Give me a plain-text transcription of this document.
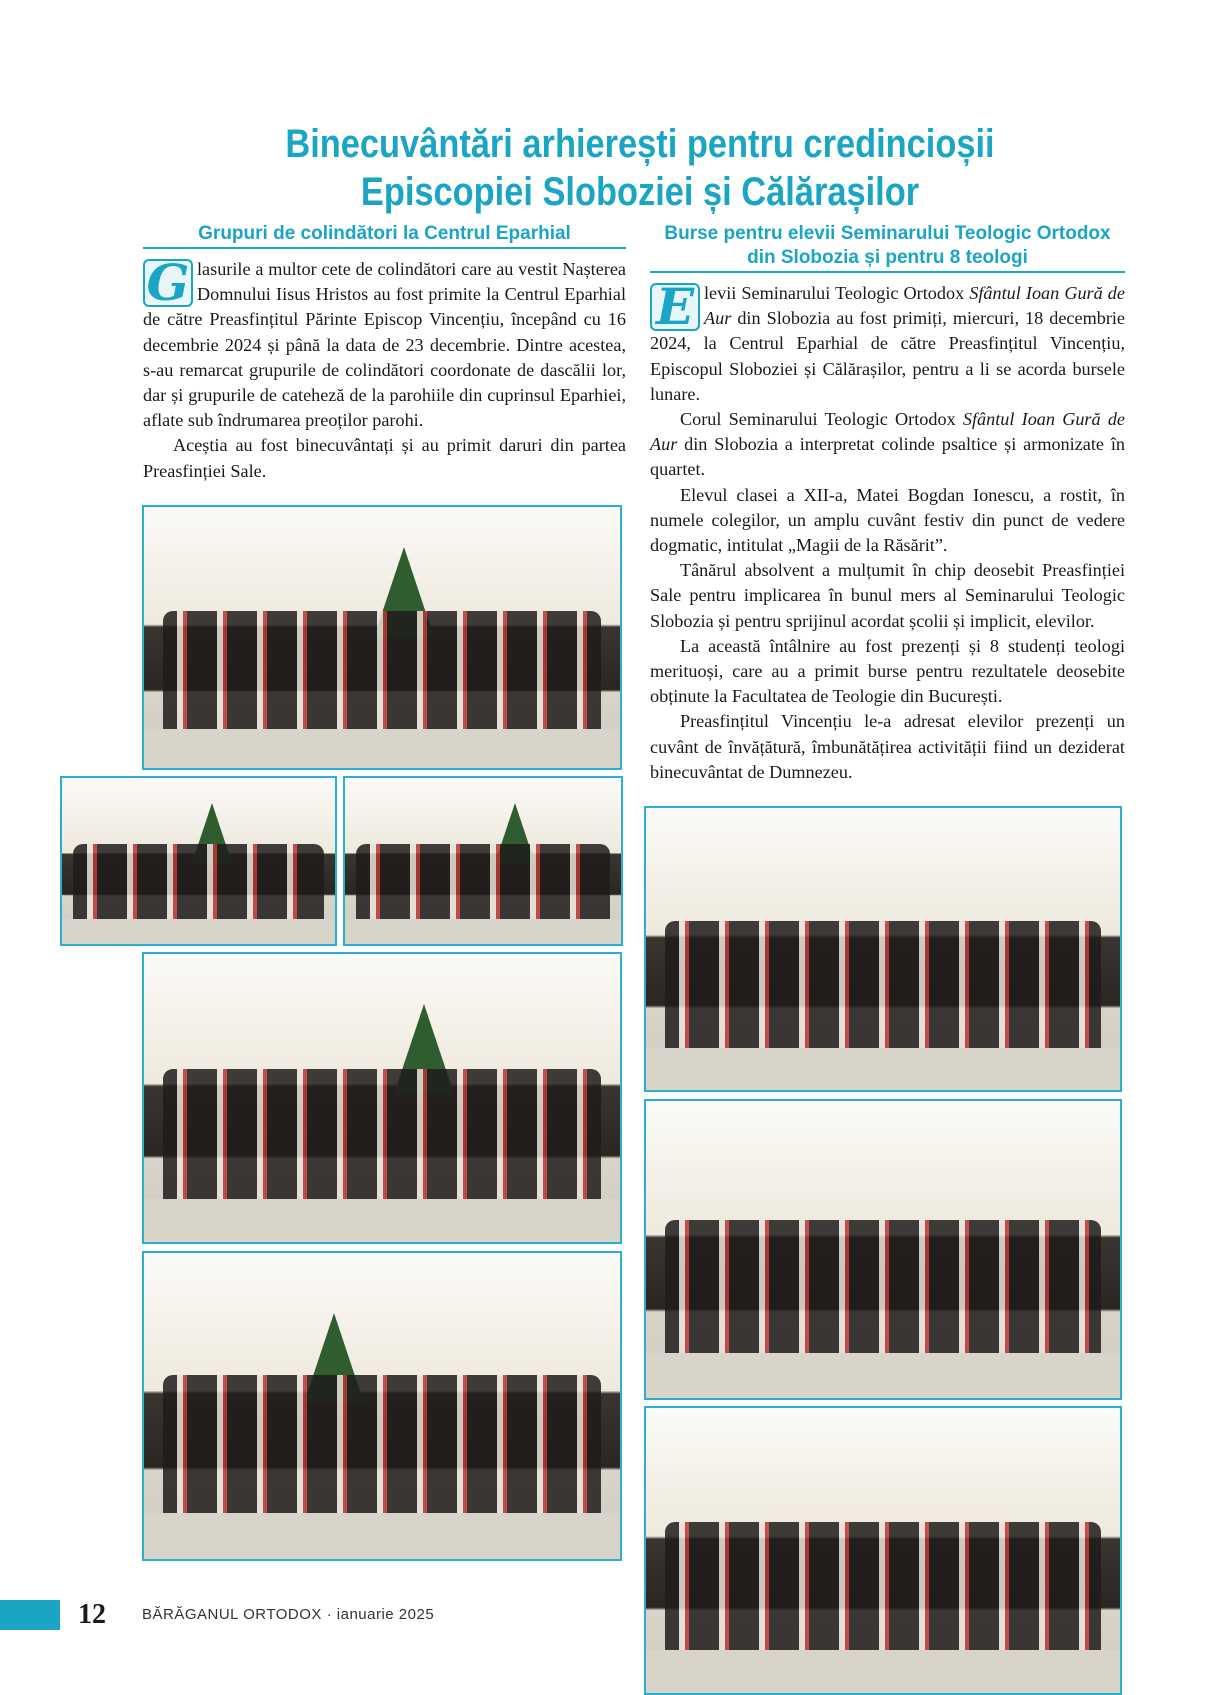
Binecuvântări arhierești pentru credincioșii
Episcopiei Sloboziei și Călărașilor
Grupuri de colindători la Centrul Eparhial

G lasurile a multor cete de colindători care au vestit Nașterea Domnului Iisus Hristos au fost primite la Centrul Eparhial de către Preasfințitul Părinte Episcop Vincențiu, începând cu 16 decembrie 2024 și până la data de 23 decembrie. Dintre acestea, s-au remarcat grupurile de colindători coordonate de dascălii lor, dar și grupurile de cateheză de la parohiile din cuprinsul Eparhiei, aflate sub îndrumarea preoților parohi.

Aceștia au fost binecuvântați și au primit daruri din partea Preasfinției Sale.

Burse pentru elevii Seminarului Teologic Ortodox
din Slobozia și pentru 8 teologi

E levii Seminarului Teologic Ortodox Sfântul Ioan Gură de Aur din Slobozia au fost primiți, miercuri, 18 decembrie 2024, la Centrul Eparhial de către Preasfințitul Vincențiu, Episcopul Sloboziei și Călărașilor, pentru a li se acorda bursele lunare.

Corul Seminarului Teologic Ortodox Sfântul Ioan Gură de Aur din Slobozia a interpretat colinde psaltice și armonizate în quartet.

Elevul clasei a XII-a, Matei Bogdan Ionescu, a rostit, în numele colegilor, un amplu cuvânt festiv din punct de vedere dogmatic, intitulat „Magii de la Răsărit”.

Tânărul absolvent a mulțumit în chip deosebit Preasfinției Sale pentru implicarea în bunul mers al Seminarului Teologic Slobozia și pentru sprijinul acordat școlii și implicit, elevilor.

La această întâlnire au fost prezenți și 8 studenți teologi merituoși, care au a primit burse pentru rezultatele deosebite obținute la Facultatea de Teologie din București.

Preasfințitul Vincențiu le-a adresat elevilor prezenți un cuvânt de învățătură, îmbunătățirea activității fiind un deziderat binecuvântat de Dumnezeu.

12 BĂRĂGANUL ORTODOX · ianuarie 2025
